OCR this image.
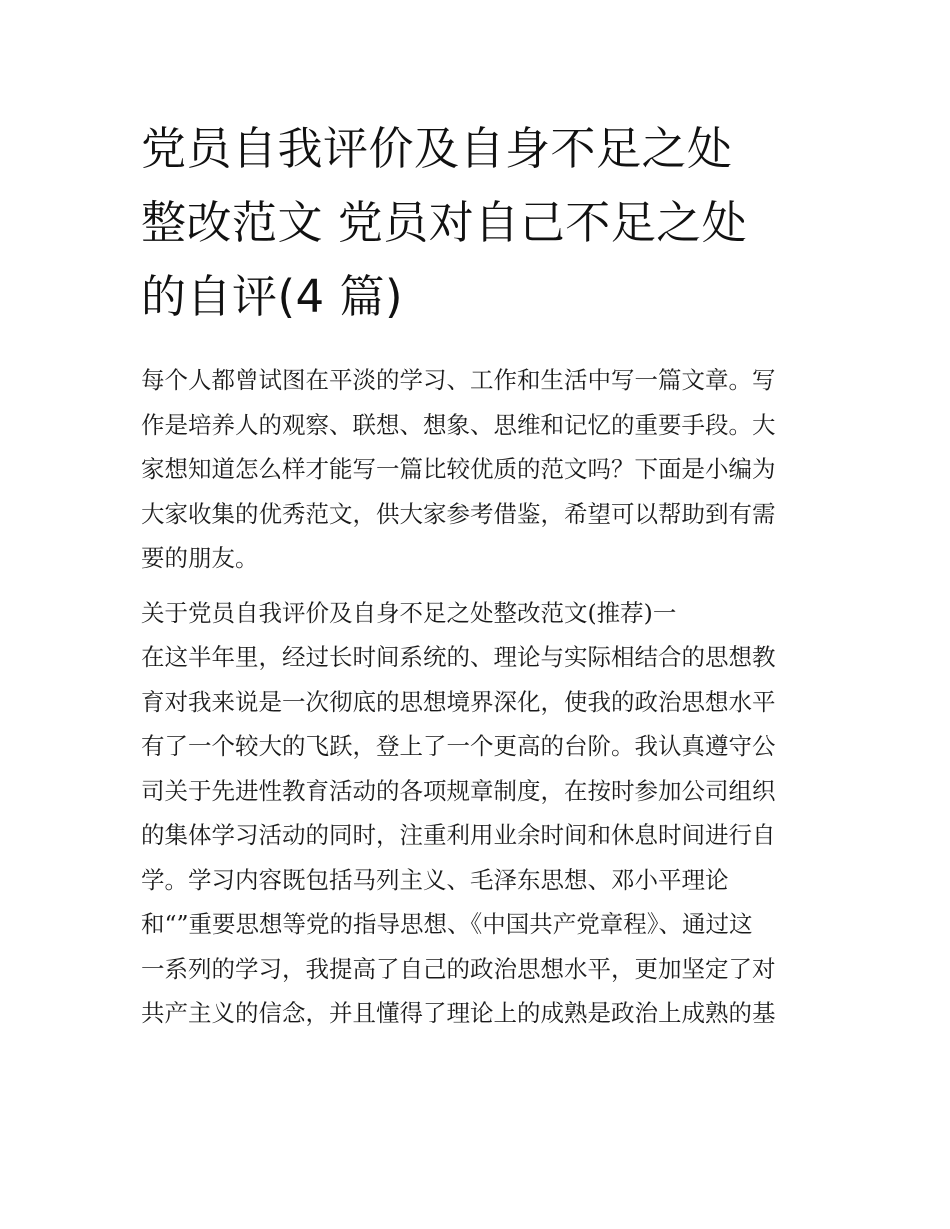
党员自我评价及自身不足之处
整改范文 党员对自己不足之处
的自评(4 篇)
每个人都曾试图在平淡的学习、工作和生活中写一篇文章。写
作是培养人的观察、联想、想象、思维和记忆的重要手段。大
家想知道怎么样才能写一篇比较优质的范文吗？下面是小编为
大家收集的优秀范文，供大家参考借鉴，希望可以帮助到有需
要的朋友。
关于党员自我评价及自身不足之处整改范文(推荐)一
在这半年里，经过长时间系统的、理论与实际相结合的思想教
育对我来说是一次彻底的思想境界深化，使我的政治思想水平
有了一个较大的飞跃，登上了一个更高的台阶。我认真遵守公
司关于先进性教育活动的各项规章制度，在按时参加公司组织
的集体学习活动的同时，注重利用业余时间和休息时间进行自
学。学习内容既包括马列主义、毛泽东思想、邓小平理论
和“”重要思想等党的指导思想、《中国共产党章程》、通过这
一系列的学习，我提高了自己的政治思想水平，更加坚定了对
共产主义的信念，并且懂得了理论上的成熟是政治上成熟的基
